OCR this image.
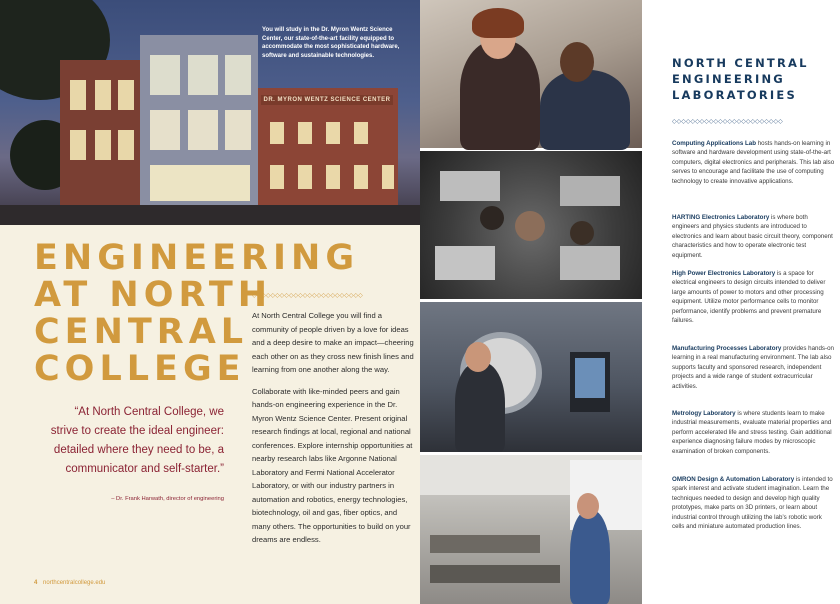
DR. MYRON WENTZ SCIENCE CENTER
You will study in the Dr. Myron Wentz Science Center, our state-of-the-art facility equipped to accommodate the most sophisticated hardware, software and sustainable technologies.
ENGINEERING
AT NORTH
CENTRAL
COLLEGE
◇◇◇◇◇◇◇◇◇◇◇◇◇◇◇◇◇◇◇◇◇◇◇◇

At North Central College you will find a community of people driven by a love for ideas and a deep desire to make an impact—cheering each other on as they cross new finish lines and learning from one another along the way.

Collaborate with like-minded peers and gain hands-on engineering experience in the Dr. Myron Wentz Science Center. Present original research findings at local, regional and national conferences. Explore internship opportunities at nearby research labs like Argonne National Laboratory and Fermi National Accelerator Laboratory, or with our industry partners in automation and robotics, energy technologies, biotechnology, oil and gas, fiber optics, and many others. The opportunities to build on your dreams are endless.

“At North Central College, we strive to create the ideal engineer: detailed where they need to be, a communicator and self-starter.”

– Dr. Frank Harwath, director of engineering
4 northcentralcollege.edu
NORTH CENTRAL
ENGINEERING
LABORATORIES
◇◇◇◇◇◇◇◇◇◇◇◇◇◇◇◇◇◇◇◇◇◇◇◇
Computing Applications Lab hosts hands-on learning in software and hardware development using state-of-the-art computers, digital electronics and peripherals. This lab also serves to encourage and facilitate the use of computing technology to create innovative applications.
HARTING Electronics Laboratory is where both engineers and physics students are introduced to electronics and learn about basic circuit theory, component characteristics and how to operate electronic test equipment.
High Power Electronics Laboratory is a space for electrical engineers to design circuits intended to deliver large amounts of power to motors and other processing equipment. Utilize motor performance cells to monitor performance, identify problems and prevent premature failures.
Manufacturing Processes Laboratory provides hands-on learning in a real manufacturing environment. The lab also supports faculty and sponsored research, independent projects and a wide range of student extracurricular activities.
Metrology Laboratory is where students learn to make industrial measurements, evaluate material properties and perform accelerated life and stress testing. Gain additional experience diagnosing failure modes by microscopic examination of broken components.
OMRON Design & Automation Laboratory is intended to spark interest and activate student imagination. Learn the techniques needed to design and develop high quality prototypes, make parts on 3D printers, or learn about industrial control through utilizing the lab’s robotic work cells and miniature automated production lines.
